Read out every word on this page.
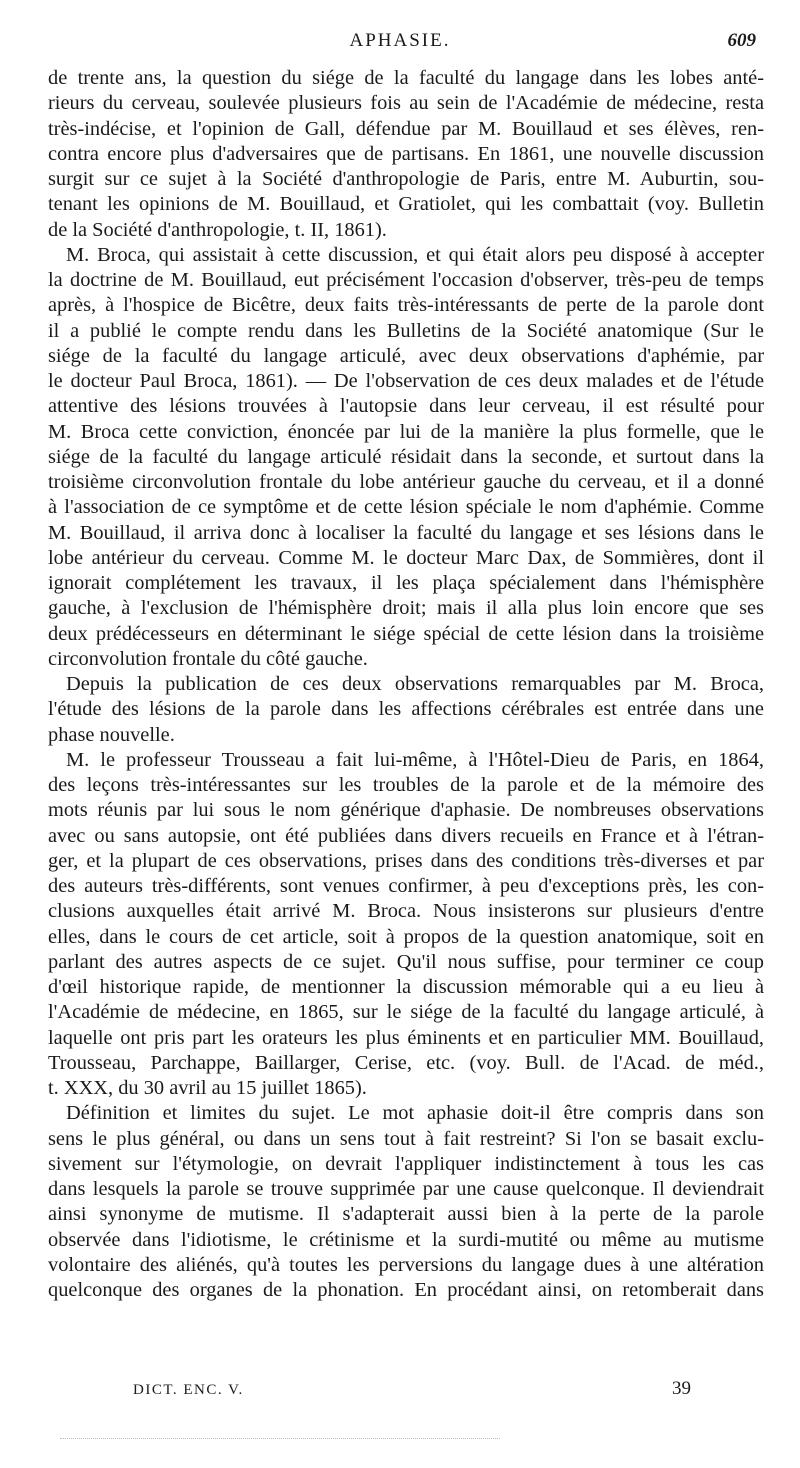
APHASIE.	609
de trente ans, la question du siége de la faculté du langage dans les lobes anté-
rieurs du cerveau, soulevée plusieurs fois au sein de l'Académie de médecine, resta
très-indécise, et l'opinion de Gall, défendue par M. Bouillaud et ses élèves, ren-
contra encore plus d'adversaires que de partisans. En 1861, une nouvelle discussion
surgit sur ce sujet à la Société d'anthropologie de Paris, entre M. Auburtin, sou-
tenant les opinions de M. Bouillaud, et Gratiolet, qui les combattait (voy. Bulletin
de la Société d'anthropologie, t. II, 1861).
M. Broca, qui assistait à cette discussion, et qui était alors peu disposé à accepter
la doctrine de M. Bouillaud, eut précisément l'occasion d'observer, très-peu de temps
après, à l'hospice de Bicêtre, deux faits très-intéressants de perte de la parole dont
il a publié le compte rendu dans les Bulletins de la Société anatomique (Sur le
siége de la faculté du langage articulé, avec deux observations d'aphémie, par
le docteur Paul Broca, 1861). — De l'observation de ces deux malades et de l'étude
attentive des lésions trouvées à l'autopsie dans leur cerveau, il est résulté pour
M. Broca cette conviction, énoncée par lui de la manière la plus formelle, que le
siége de la faculté du langage articulé résidait dans la seconde, et surtout dans la
troisième circonvolution frontale du lobe antérieur gauche du cerveau, et il a donné
à l'association de ce symptôme et de cette lésion spéciale le nom d'aphémie. Comme
M. Bouillaud, il arriva donc à localiser la faculté du langage et ses lésions dans le
lobe antérieur du cerveau. Comme M. le docteur Marc Dax, de Sommières, dont il
ignorait complétement les travaux, il les plaça spécialement dans l'hémisphère
gauche, à l'exclusion de l'hémisphère droit; mais il alla plus loin encore que ses
deux prédécesseurs en déterminant le siége spécial de cette lésion dans la troisième
circonvolution frontale du côté gauche.
Depuis la publication de ces deux observations remarquables par M. Broca,
l'étude des lésions de la parole dans les affections cérébrales est entrée dans une
phase nouvelle.
M. le professeur Trousseau a fait lui-même, à l'Hôtel-Dieu de Paris, en 1864,
des leçons très-intéressantes sur les troubles de la parole et de la mémoire des
mots réunis par lui sous le nom générique d'aphasie. De nombreuses observations
avec ou sans autopsie, ont été publiées dans divers recueils en France et à l'étran-
ger, et la plupart de ces observations, prises dans des conditions très-diverses et par
des auteurs très-différents, sont venues confirmer, à peu d'exceptions près, les con-
clusions auxquelles était arrivé M. Broca. Nous insisterons sur plusieurs d'entre
elles, dans le cours de cet article, soit à propos de la question anatomique, soit en
parlant des autres aspects de ce sujet. Qu'il nous suffise, pour terminer ce coup
d'œil historique rapide, de mentionner la discussion mémorable qui a eu lieu à
l'Académie de médecine, en 1865, sur le siége de la faculté du langage articulé, à
laquelle ont pris part les orateurs les plus éminents et en particulier MM. Bouillaud,
Trousseau, Parchappe, Baillarger, Cerise, etc. (voy. Bull. de l'Acad. de méd.,
t. XXX, du 30 avril au 15 juillet 1865).
Définition et limites du sujet. Le mot aphasie doit-il être compris dans son
sens le plus général, ou dans un sens tout à fait restreint? Si l'on se basait exclu-
sivement sur l'étymologie, on devrait l'appliquer indistinctement à tous les cas
dans lesquels la parole se trouve supprimée par une cause quelconque. Il deviendrait
ainsi synonyme de mutisme. Il s'adapterait aussi bien à la perte de la parole
observée dans l'idiotisme, le crétinisme et la surdi-mutité ou même au mutisme
volontaire des aliénés, qu'à toutes les perversions du langage dues à une altération
quelconque des organes de la phonation. En procédant ainsi, on retomberait dans
DICT. ENC. V.	39
